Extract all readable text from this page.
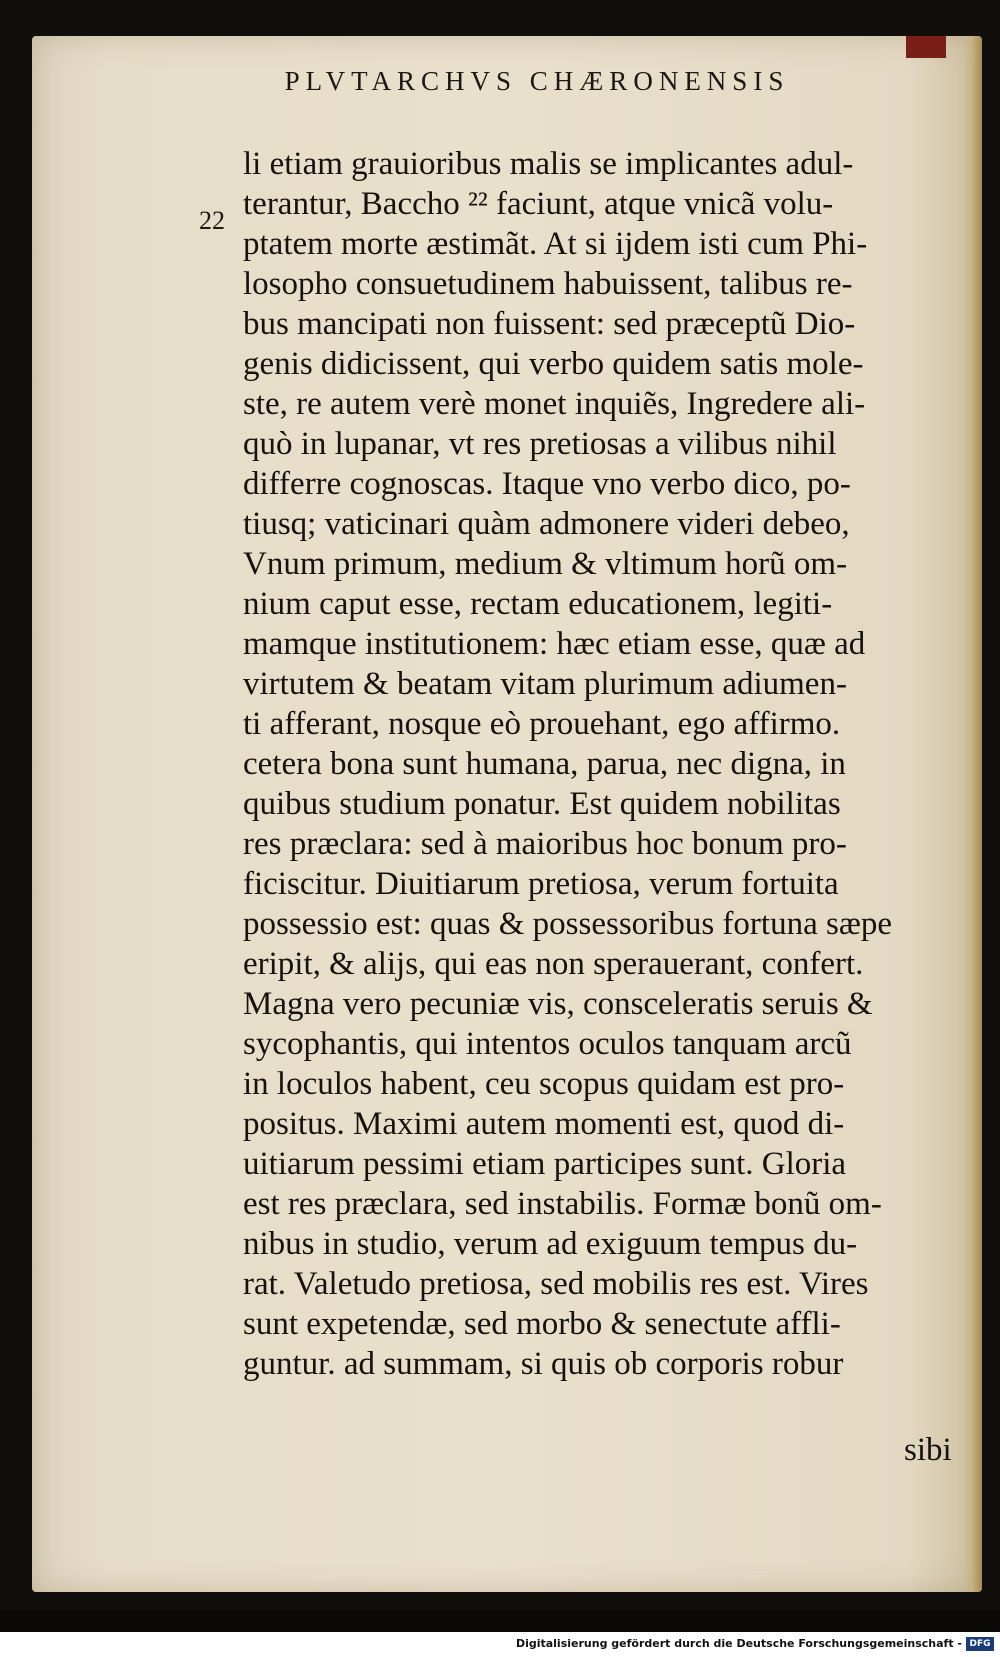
PLVTARCHVS CHÆRONENSIS
22
li etiam grauioribus malis se implicantes adul-
terantur, Baccho ²² faciunt, atque vnicã volu-
ptatem morte æstimãt. At si ijdem isti cum Phi-
losopho consuetudinem habuissent, talibus re-
bus mancipati non fuissent: sed præceptũ Dio-
genis didicissent, qui verbo quidem satis mole-
ste, re autem verè monet inquiẽs, Ingredere ali-
quò in lupanar, vt res pretiosas a vilibus nihil
differre cognoscas. Itaque vno verbo dico, po-
tiusq; vaticinari quàm admonere videri debeo,
Vnum primum, medium & vltimum horũ om-
nium caput esse, rectam educationem, legiti-
mamque institutionem: hæc etiam esse, quæ ad
virtutem & beatam vitam plurimum adiumen-
ti afferant, nosque eò prouehant, ego affirmo.
cetera bona sunt humana, parua, nec digna, in
quibus studium ponatur. Est quidem nobilitas
res præclara: sed à maioribus hoc bonum pro-
ficiscitur. Diuitiarum pretiosa, verum fortuita
possessio est: quas & possessoribus fortuna sæpe
eripit, & alijs, qui eas non sperauerant, confert.
Magna vero pecuniæ vis, consceleratis seruis &
sycophantis, qui intentos oculos tanquam arcũ
in loculos habent, ceu scopus quidam est pro-
positus. Maximi autem momenti est, quod di-
uitiarum pessimi etiam participes sunt. Gloria
est res præclara, sed instabilis. Formæ bonũ om-
nibus in studio, verum ad exiguum tempus du-
rat. Valetudo pretiosa, sed mobilis res est. Vires
sunt expetendæ, sed morbo & senectute affli-
guntur. ad summam, si quis ob corporis robur
sibi
Digitalisierung gefördert durch die Deutsche Forschungsgemeinschaft - DFG
